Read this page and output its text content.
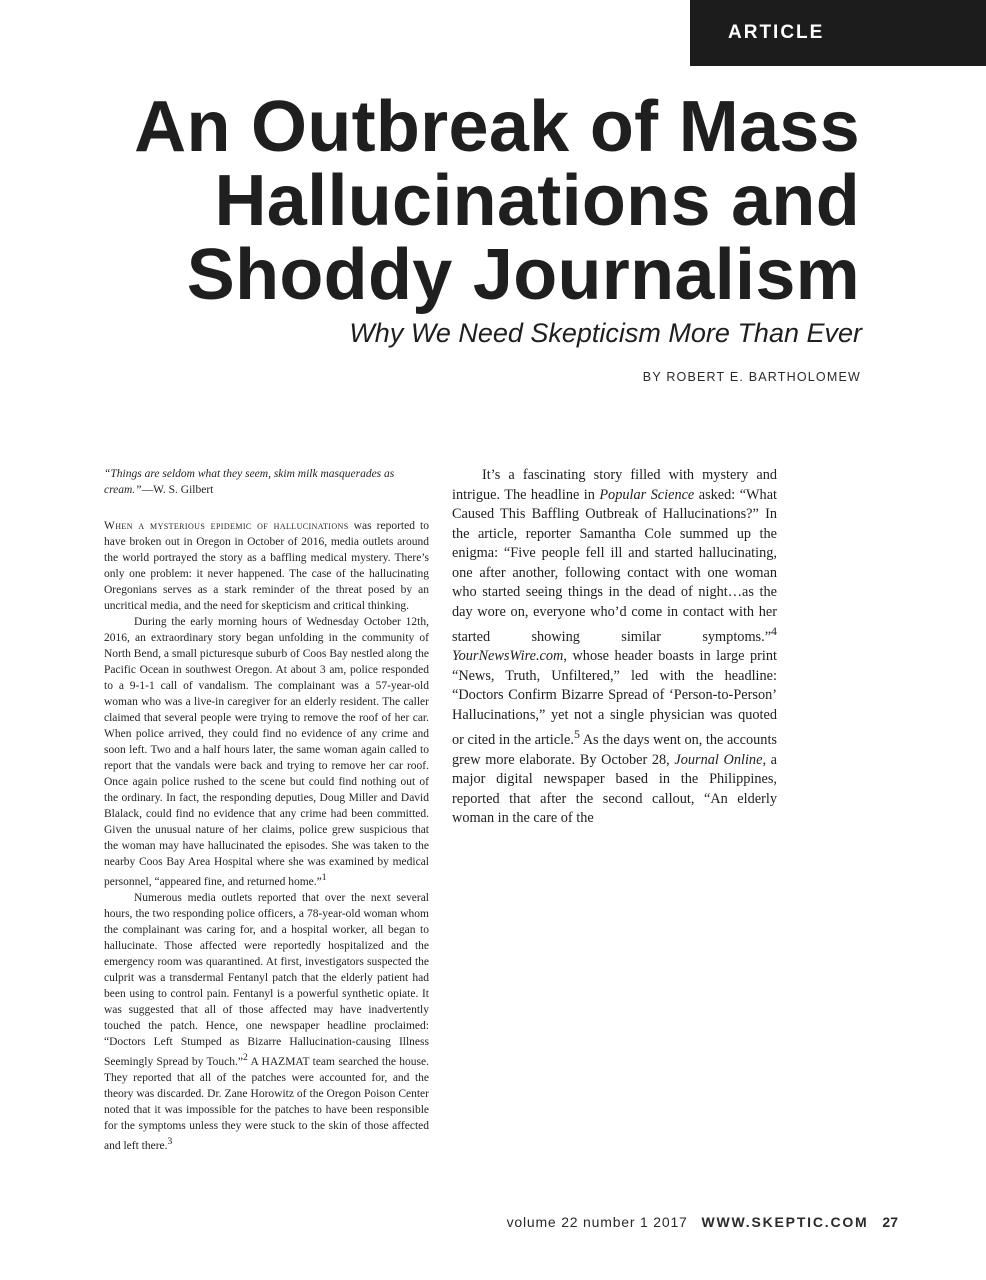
ARTICLE
An Outbreak of Mass
Hallucinations and
Shoddy Journalism
Why We Need Skepticism More Than Ever
BY ROBERT E. BARTHOLOMEW

“Things are seldom what they seem, skim milk masquerades as cream.”—W. S. Gilbert

When a mysterious epidemic of hallucinations was reported to have broken out in Oregon in October of 2016, media outlets around the world portrayed the story as a baffling medical mystery. There’s only one problem: it never happened. The case of the hallucinating Oregonians serves as a stark reminder of the threat posed by an uncritical media, and the need for skepticism and critical thinking.

During the early morning hours of Wednesday October 12th, 2016, an extraordinary story began unfolding in the community of North Bend, a small picturesque suburb of Coos Bay nestled along the Pacific Ocean in southwest Oregon. At about 3 am, police responded to a 9-1-1 call of vandalism. The complainant was a 57-year-old woman who was a live-in caregiver for an elderly resident. The caller claimed that several people were trying to remove the roof of her car. When police arrived, they could find no evidence of any crime and soon left. Two and a half hours later, the same woman again called to report that the vandals were back and trying to remove her car roof. Once again police rushed to the scene but could find nothing out of the ordinary. In fact, the responding deputies, Doug Miller and David Blalack, could find no evidence that any crime had been committed. Given the unusual nature of her claims, police grew suspicious that the woman may have hallucinated the episodes. She was taken to the nearby Coos Bay Area Hospital where she was examined by medical personnel, “appeared fine, and returned home.”$^1$

Numerous media outlets reported that over the next several hours, the two responding police officers, a 78-year-old woman whom the complainant was caring for, and a hospital worker, all began to hallucinate. Those affected were reportedly hospitalized and the emergency room was quarantined. At first, investigators suspected the culprit was a transdermal Fentanyl patch that the elderly patient had been using to control pain. Fentanyl is a powerful synthetic opiate. It was suggested that all of those affected may have inadvertently touched the patch. Hence, one newspaper headline proclaimed: “Doctors Left Stumped as Bizarre Hallucination-causing Illness Seemingly Spread by Touch.”$^2$ A HAZMAT team searched the house. They reported that all of the patches were accounted for, and the theory was discarded. Dr. Zane Horowitz of the Oregon Poison Center noted that it was impossible for the patches to have been responsible for the symptoms unless they were stuck to the skin of those affected and left there.$^3$

It’s a fascinating story filled with mystery and intrigue. The headline in Popular Science asked: “What Caused This Baffling Outbreak of Hallucinations?” In the article, reporter Samantha Cole summed up the enigma: “Five people fell ill and started hallucinating, one after another, following contact with one woman who started seeing things in the dead of night…as the day wore on, everyone who’d come in contact with her started showing similar symptoms.”$^4$ YourNewsWire.com, whose header boasts in large print “News, Truth, Unfiltered,” led with the headline: “Doctors Confirm Bizarre Spread of ‘Person-to-Person’ Hallucinations,” yet not a single physician was quoted or cited in the article.$^5$ As the days went on, the accounts grew more elaborate. By October 28, Journal Online, a major digital newspaper based in the Philippines, reported that after the second callout, “An elderly woman in the care of the

volume 22 number 1 2017 WWW.SKEPTIC.COM 27
